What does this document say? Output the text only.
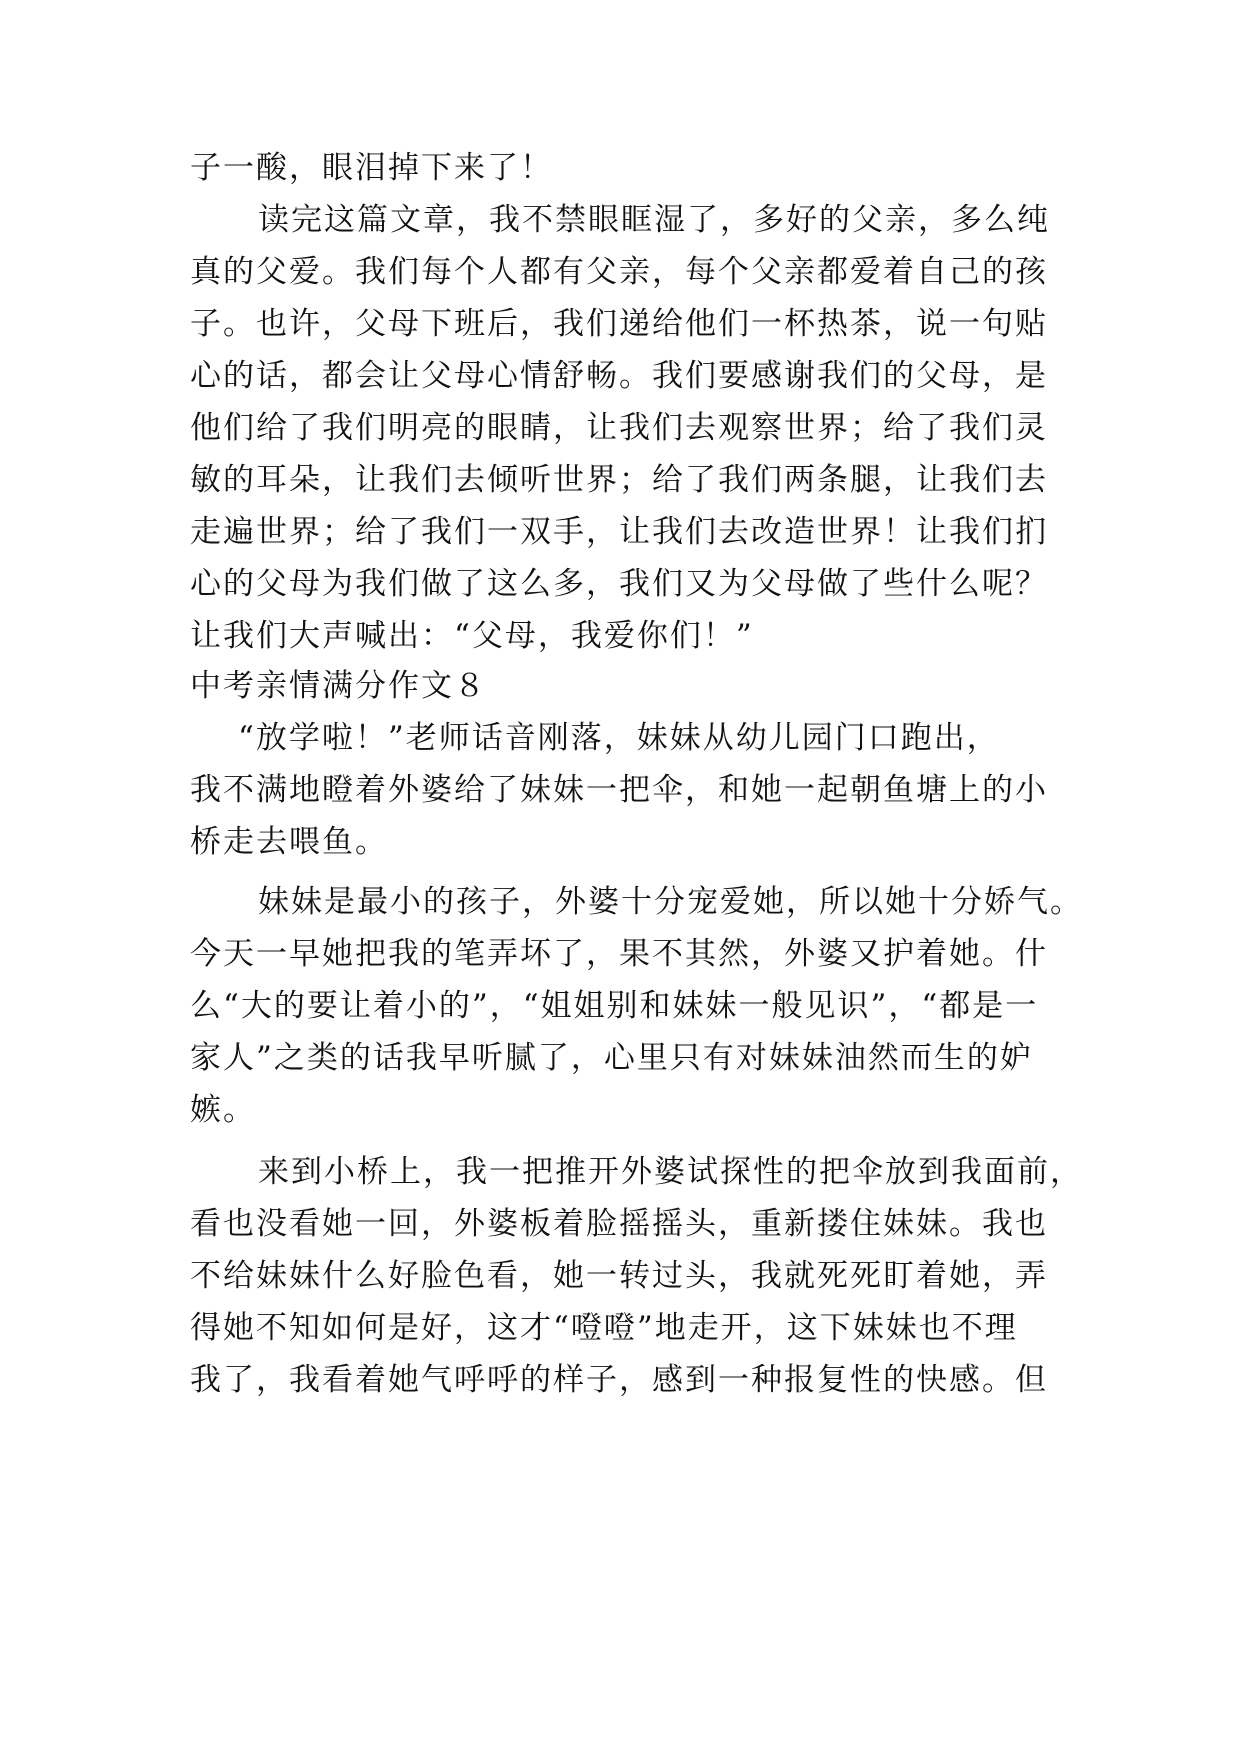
子一酸，眼泪掉下来了！
读完这篇文章，我不禁眼眶湿了，多好的父亲，多么纯
真的父爱。我们每个人都有父亲，每个父亲都爱着自己的孩
子。也许，父母下班后，我们递给他们一杯热茶，说一句贴
心的话，都会让父母心情舒畅。我们要感谢我们的父母，是
他们给了我们明亮的眼睛，让我们去观察世界；给了我们灵
敏的耳朵，让我们去倾听世界；给了我们两条腿，让我们去
走遍世界；给了我们一双手，让我们去改造世界！让我们扪
心的父母为我们做了这么多，我们又为父母做了些什么呢？
让我们大声喊出：“父母，我爱你们！”
中考亲情满分作文８
“放学啦！”老师话音刚落，妹妹从幼儿园门口跑出，
我不满地瞪着外婆给了妹妹一把伞，和她一起朝鱼塘上的小
桥走去喂鱼。
妹妹是最小的孩子，外婆十分宠爱她，所以她十分娇气。
今天一早她把我的笔弄坏了，果不其然，外婆又护着她。什
么“大的要让着小的”，“姐姐别和妹妹一般见识”，“都是一
家人”之类的话我早听腻了，心里只有对妹妹油然而生的妒
嫉。
来到小桥上，我一把推开外婆试探性的把伞放到我面前，
看也没看她一回，外婆板着脸摇摇头，重新搂住妹妹。我也
不给妹妹什么好脸色看，她一转过头，我就死死盯着她，弄
得她不知如何是好，这才“噔噔”地走开，这下妹妹也不理
我了，我看着她气呼呼的样子，感到一种报复性的快感。但
